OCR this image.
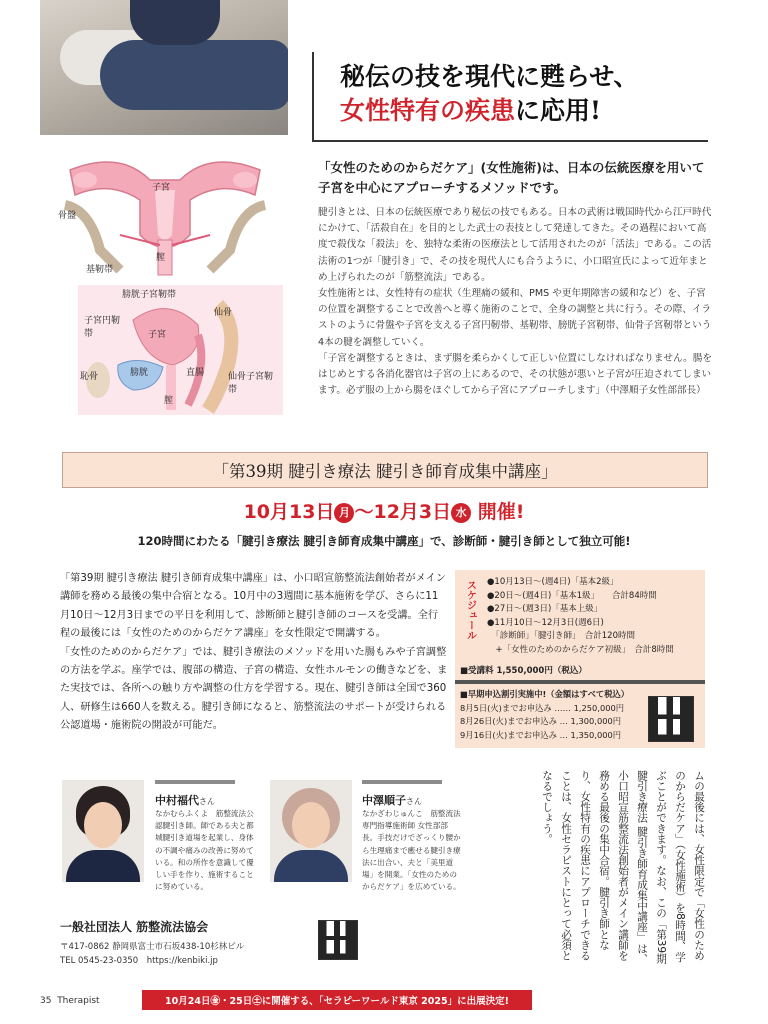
秘伝の技を現代に甦らせ、
女性特有の疾患に応用!
子宮
骨盤
基靭帯
膣
膀胱子宮靭帯
仙骨
子宮円靭帯	子宮
恥骨	膀胱	直腸	仙骨子宮靭帯
膣
「女性のためのからだケア」(女性施術)は、日本の伝統医療を用いて子宮を中心にアプローチするメソッドです。

腱引きとは、日本の伝統医療であり秘伝の技でもある。日本の武術は戦国時代から江戸時代にかけて、「活殺自在」を目的とした武士の表技として発達してきた。その過程において高度で殺伐な「殺法」を、独特な柔術の医療法として活用されたのが「活法」である。この活法術の1つが「腱引き」で、その技を現代人にも合うように、小口昭宣氏によって近年まとめ上げられたのが「筋整流法」である。

女性施術とは、女性特有の症状（生理痛の緩和、PMS や更年期障害の緩和など）を、子宮の位置を調整することで改善へと導く施術のことで、全身の調整と共に行う。その際、イラストのように骨盤や子宮を支える子宮円靭帯、基靭帯、膀胱子宮靭帯、仙骨子宮靭帯という4本の腱を調整していく。

「子宮を調整するときは、まず腸を柔らかくして正しい位置にしなければなりません。腸をはじめとする各消化器官は子宮の上にあるので、その状態が悪いと子宮が圧迫されてしまいます。必ず服の上から腸をほぐしてから子宮にアプローチします」（中澤順子女性部部長）

「第39期 腱引き療法 腱引き師育成集中講座」
10月13日 月 〜12月3日 水 開催!
120時間にわたる「腱引き療法 腱引き師育成集中講座」で、診断師・腱引き師として独立可能!

「第39期 腱引き療法 腱引き師育成集中講座」は、小口昭宣筋整流法創始者がメイン講師を務める最後の集中合宿となる。10月中の3週間に基本施術を学び、さらに11月10日〜12月3日までの平日を利用して、診断師と腱引き師のコースを受講。全行程の最後には「女性のためのからだケア講座」を女性限定で開講する。

「女性のためのからだケア」では、腱引き療法のメソッドを用いた腸もみや子宮調整の方法を学ぶ。座学では、腹部の構造、子宮の構造、女性ホルモンの働きなどを、また実技では、各所への触り方や調整の仕方を学習する。現在、腱引き師は全国で360人、研修生は660人を数える。腱引き師になると、筋整流法のサポートが受けられる公認道場・施術院の開設が可能だ。

スケジュール ●10月13日〜(週4日)「基本2級」
●20日〜(週4日)「基本1級」　　合計84時間
●27日〜(週3日)「基本上級」
●11月10日〜12月3日(週6日)
　「診断師」「腱引き師」　合計120時間
　+「女性のためのからだケア初級」　合計8時間
■受講料 1,550,000円（税込）
■早期申込割引実施中!（金額はすべて税込）
8月5日(火)までお申込み …… 1,250,000円
8月26日(火)までお申込み … 1,300,000円
9月16日(火)までお申込み … 1,350,000円
中村福代さん
なかむらふくよ　筋整流法公認腱引き師。師である夫と都城腱引き道場を起業し、身体の不調や痛みの改善に努めている。和の所作を意識して優しい手を作り、施術することに努めている。
中澤順子さん
なかざわじゅんこ　筋整流法 専門指導施術師 女性部部長。手技だけでざっくり腰から生理痛まで癒せる腱引き療法に出合い、夫と「美里道場」を開業。「女性のためのからだケア」を広めている。
一般社団法人 筋整流法協会
〒417-0862 静岡県富士市石坂438-10杉林ビル
TEL 0545-23-0350　https://kenbiki.jp
ムの最後には、女性限定で「女性のためのからだケア」（女性施術）を8時間、学ぶことができます。なお、この「第39期 腱引き療法 腱引き師育成集中講座」は、小口昭宣筋整流法創始者がメイン講師を務める最後の集中合宿。腱引き師となり、女性特有の疾患にアプローチできることは、女性セラピストにとって必須となるでしょう。
35 Therapist	10月24日㊎・25日㊏に開催する、「セラピーワールド東京 2025」に出展決定!
